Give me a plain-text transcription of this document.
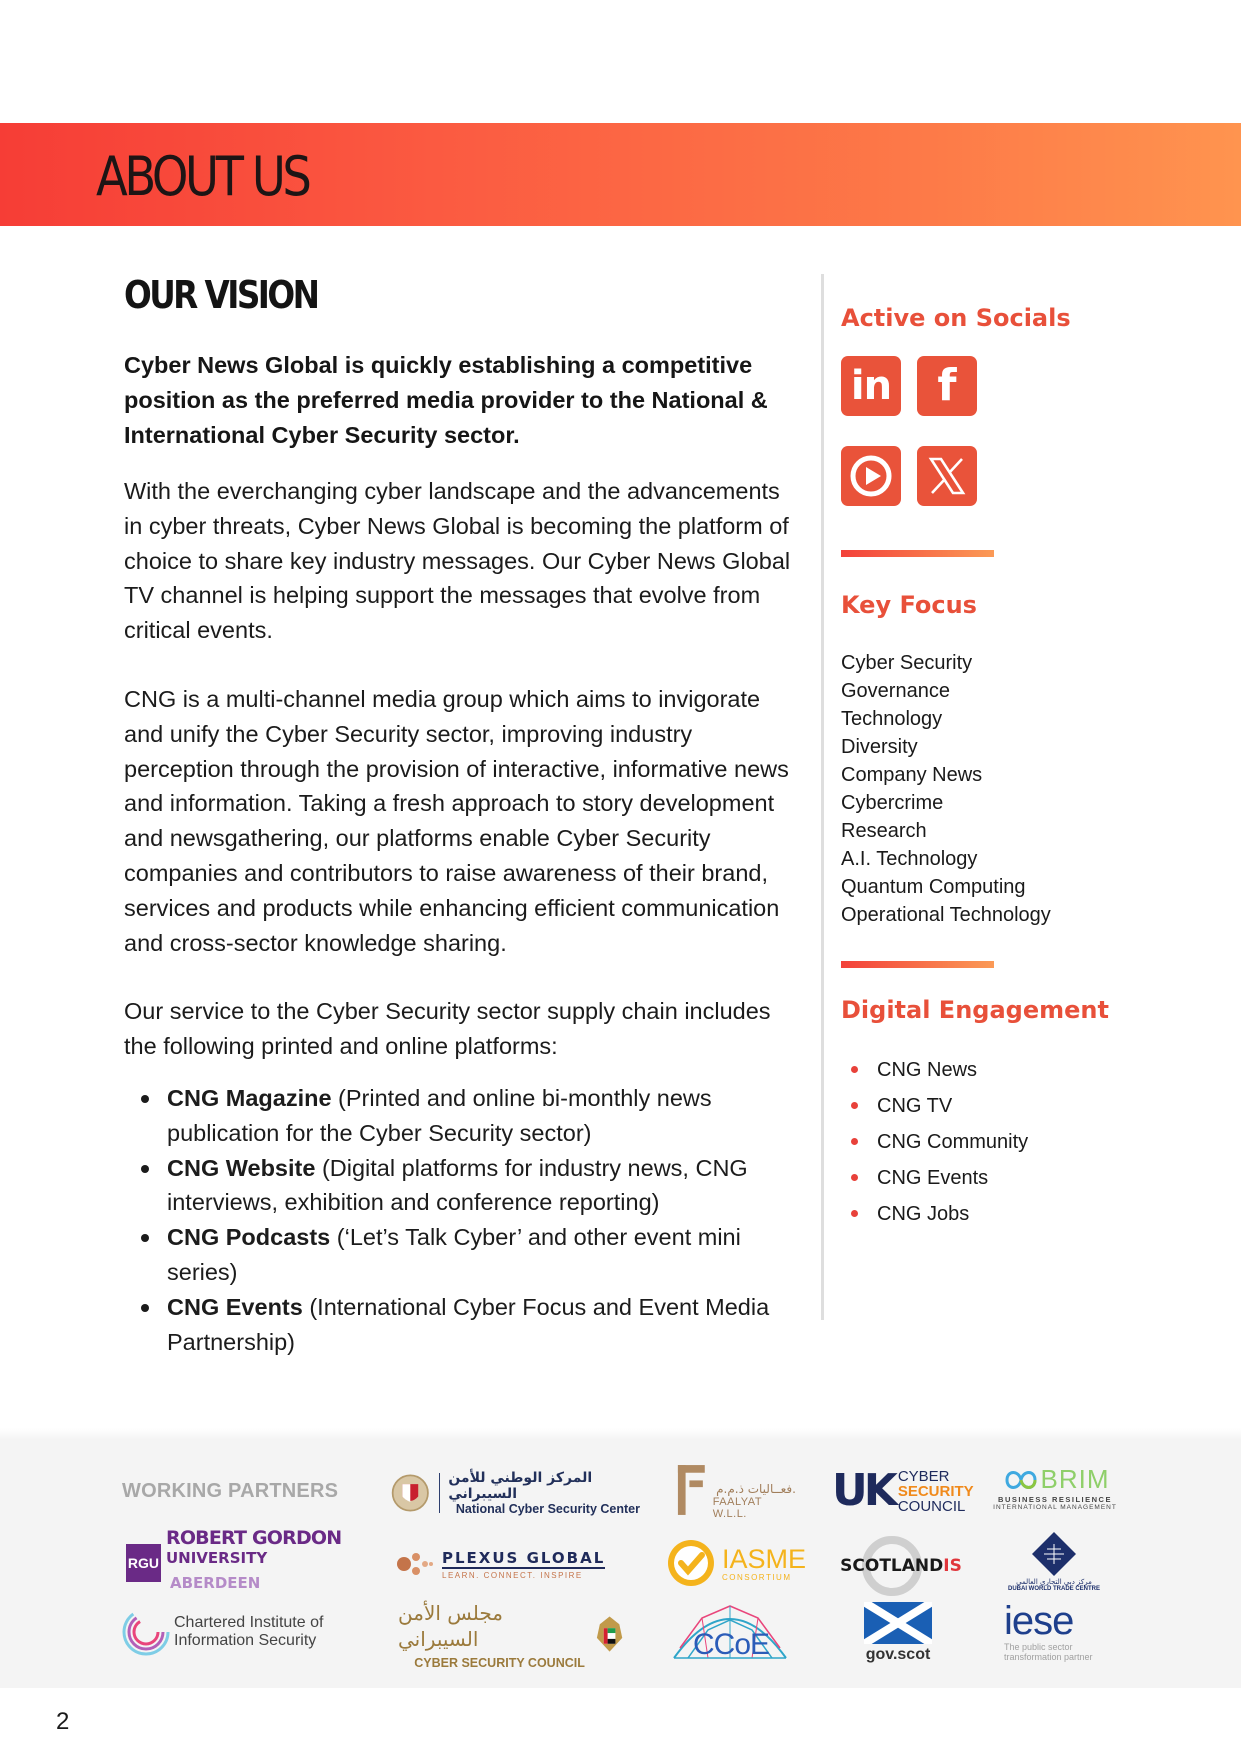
ABOUT US
OUR VISION

Cyber News Global is quickly establishing a competitive position as the preferred media provider to the National & International Cyber Security sector.

With the everchanging cyber landscape and the advancements in cyber threats, Cyber News Global is becoming the platform of choice to share key industry messages. Our Cyber News Global TV channel is helping support the messages that evolve from critical events.

CNG is a multi-channel media group which aims to invigorate and unify the Cyber Security sector, improving industry perception through the provision of interactive, informative news and information. Taking a fresh approach to story development and newsgathering, our platforms enable Cyber Security companies and contributors to raise awareness of their brand, services and products while enhancing efficient communication and cross-sector knowledge sharing.

Our service to the Cyber Security sector supply chain includes the following printed and online platforms:

CNG Magazine (Printed and online bi-monthly news publication for the Cyber Security sector)
CNG Website (Digital platforms for industry news, CNG interviews, exhibition and conference reporting)
CNG Podcasts (‘Let’s Talk Cyber’ and other event mini series)
CNG Events (International Cyber Focus and Event Media Partnership)
Active on Socials
in f
Key Focus
Cyber Security
Governance
Technology
Diversity
Company News
Cybercrime
Research
A.I. Technology
Quantum Computing
Operational Technology
Digital Engagement
CNG News
CNG TV
CNG Community
CNG Events
CNG Jobs
WORKING PARTNERS
المركز الوطني للأمن السيبراني
National Cyber Security Center
فعــاليات ذ.م.م.
FAALYAT W.L.L.	UK CYBER
SECURITY
COUNCIL
BRIM
BUSINESS RESILIENCE
INTERNATIONAL MANAGEMENT
RGU
ROBERT GORDON
UNIVERSITY ABERDEEN
PLEXUS GLOBAL
LEARN. CONNECT. INSPIRE
IASME
CONSORTIUM
SCOTLAND IS
مركز دبي التجاري العالمي
DUBAI WORLD TRADE CENTRE
Chartered Institute of
Information Security
مجلس الأمن السيبراني
CYBER SECURITY COUNCIL
CCoE	gov.scot
iese
The public sector
transformation partner
2
